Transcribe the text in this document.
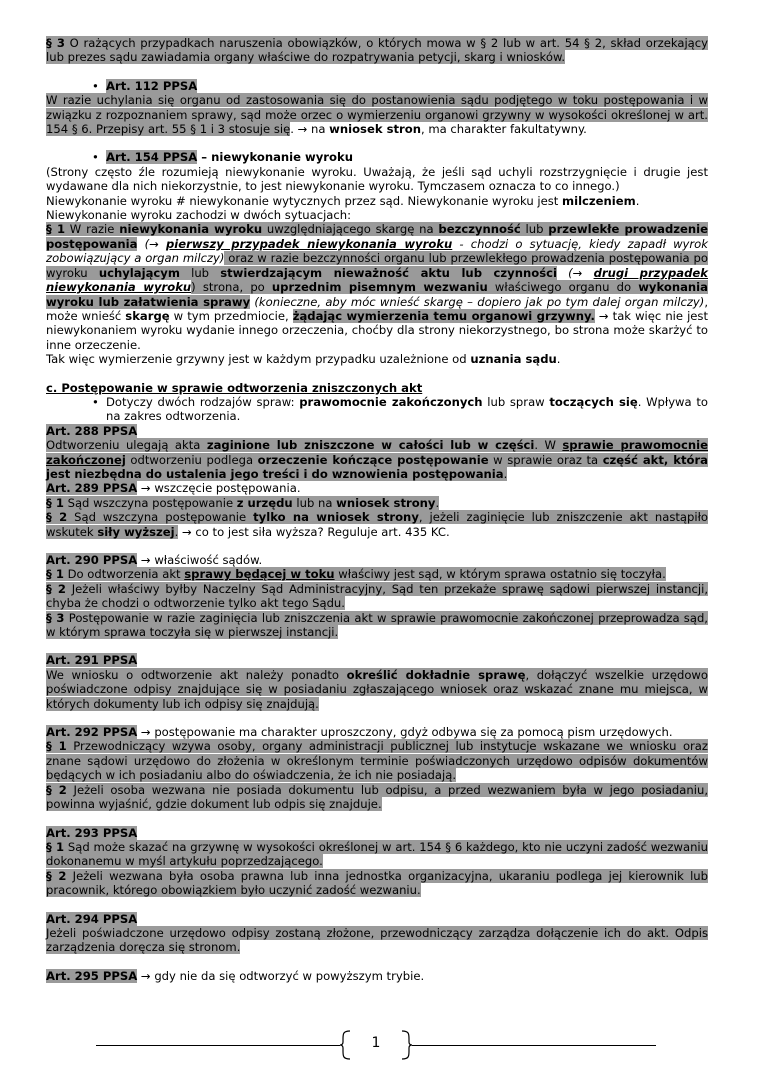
§ 3 O rażących przypadkach naruszenia obowiązków, o których mowa w § 2 lub w art. 54 § 2, skład orzekający lub prezes sądu zawiadamia organy właściwe do rozpatrywania petycji, skarg i wniosków.

• Art. 112 PPSA

W razie uchylania się organu od zastosowania się do postanowienia sądu podjętego w toku postępowania i w związku z rozpoznaniem sprawy, sąd może orzec o wymierzeniu organowi grzywny w wysokości określonej w art. 154 § 6. Przepisy art. 55 § 1 i 3 stosuje się. → na wniosek stron, ma charakter fakultatywny.

• Art. 154 PPSA – niewykonanie wyroku

(Strony często źle rozumieją niewykonanie wyroku. Uważają, że jeśli sąd uchyli rozstrzygnięcie i drugie jest wydawane dla nich niekorzystnie, to jest niewykonanie wyroku. Tymczasem oznacza to co innego.)

Niewykonanie wyroku # niewykonanie wytycznych przez sąd. Niewykonanie wyroku jest milczeniem.

Niewykonanie wyroku zachodzi w dwóch sytuacjach:

§ 1 W razie niewykonania wyroku uwzględniającego skargę na bezczynność lub przewlekłe prowadzenie postępowania (→ pierwszy przypadek niewykonania wyroku - chodzi o sytuację, kiedy zapadł wyrok zobowiązujący a organ milczy) oraz w razie bezczynności organu lub przewlekłego prowadzenia postępowania po wyroku uchylającym lub stwierdzającym nieważność aktu lub czynności (→ drugi przypadek niewykonania wyroku) strona, po uprzednim pisemnym wezwaniu właściwego organu do wykonania wyroku lub załatwienia sprawy (konieczne, aby móc wnieść skargę – dopiero jak po tym dalej organ milczy), może wnieść skargę w tym przedmiocie, żądając wymierzenia temu organowi grzywny. → tak więc nie jest niewykonaniem wyroku wydanie innego orzeczenia, choćby dla strony niekorzystnego, bo strona może skarżyć to inne orzeczenie.

Tak więc wymierzenie grzywny jest w każdym przypadku uzależnione od uznania sądu.

c. Postępowanie w sprawie odtworzenia zniszczonych akt

• Dotyczy dwóch rodzajów spraw: prawomocnie zakończonych lub spraw toczących się. Wpływa to na zakres odtworzenia.

Art. 288 PPSA

Odtworzeniu ulegają akta zaginione lub zniszczone w całości lub w części. W sprawie prawomocnie zakończonej odtworzeniu podlega orzeczenie kończące postępowanie w sprawie oraz ta część akt, która jest niezbędna do ustalenia jego treści i do wznowienia postępowania.

Art. 289 PPSA → wszczęcie postępowania.

§ 1 Sąd wszczyna postępowanie z urzędu lub na wniosek strony.

§ 2 Sąd wszczyna postępowanie tylko na wniosek strony, jeżeli zaginięcie lub zniszczenie akt nastąpiło wskutek siły wyższej. → co to jest siła wyższa? Reguluje art. 435 KC.

Art. 290 PPSA → właściwość sądów.

§ 1 Do odtworzenia akt sprawy będącej w toku właściwy jest sąd, w którym sprawa ostatnio się toczyła.

§ 2 Jeżeli właściwy byłby Naczelny Sąd Administracyjny, Sąd ten przekaże sprawę sądowi pierwszej instancji, chyba że chodzi o odtworzenie tylko akt tego Sądu.

§ 3 Postępowanie w razie zaginięcia lub zniszczenia akt w sprawie prawomocnie zakończonej przeprowadza sąd, w którym sprawa toczyła się w pierwszej instancji.

Art. 291 PPSA

We wniosku o odtworzenie akt należy ponadto określić dokładnie sprawę, dołączyć wszelkie urzędowo poświadczone odpisy znajdujące się w posiadaniu zgłaszającego wniosek oraz wskazać znane mu miejsca, w których dokumenty lub ich odpisy się znajdują.

Art. 292 PPSA → postępowanie ma charakter uproszczony, gdyż odbywa się za pomocą pism urzędowych.

§ 1 Przewodniczący wzywa osoby, organy administracji publicznej lub instytucje wskazane we wniosku oraz znane sądowi urzędowo do złożenia w określonym terminie poświadczonych urzędowo odpisów dokumentów będących w ich posiadaniu albo do oświadczenia, że ich nie posiadają.

§ 2 Jeżeli osoba wezwana nie posiada dokumentu lub odpisu, a przed wezwaniem była w jego posiadaniu, powinna wyjaśnić, gdzie dokument lub odpis się znajduje.

Art. 293 PPSA

§ 1 Sąd może skazać na grzywnę w wysokości określonej w art. 154 § 6 każdego, kto nie uczyni zadość wezwaniu dokonanemu w myśl artykułu poprzedzającego.

§ 2 Jeżeli wezwana była osoba prawna lub inna jednostka organizacyjna, ukaraniu podlega jej kierownik lub pracownik, którego obowiązkiem było uczynić zadość wezwaniu.

Art. 294 PPSA

Jeżeli poświadczone urzędowo odpisy zostaną złożone, przewodniczący zarządza dołączenie ich do akt. Odpis zarządzenia doręcza się stronom.

Art. 295 PPSA → gdy nie da się odtworzyć w powyższym trybie.

1
